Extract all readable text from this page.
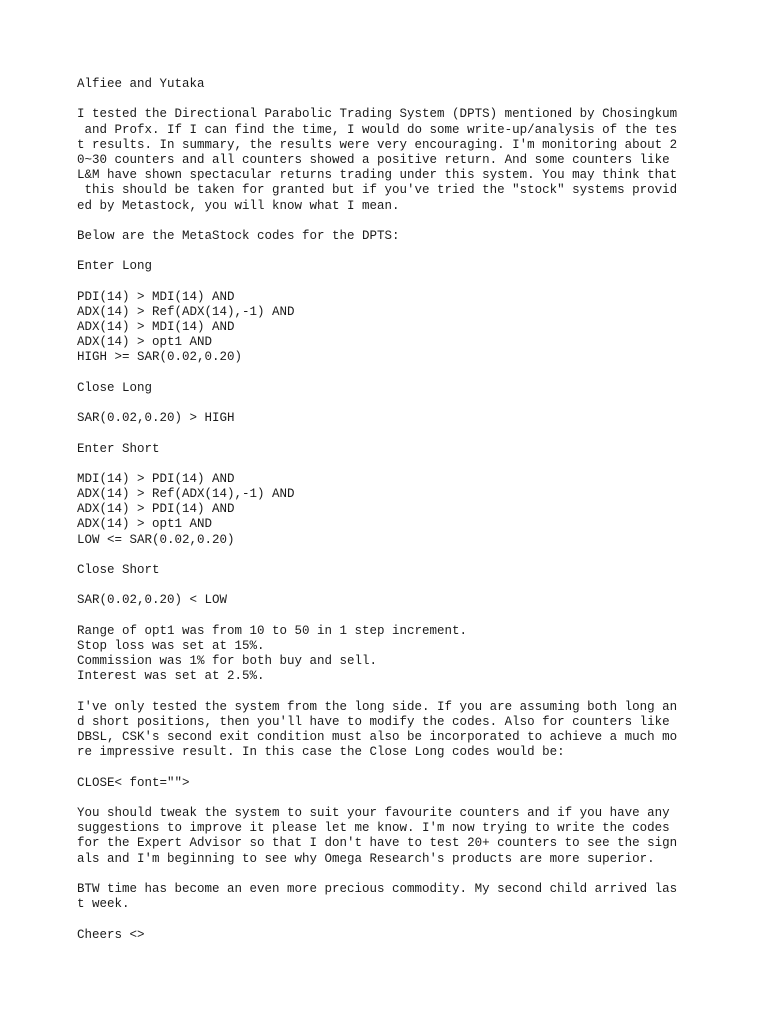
Alfiee and Yutaka
I tested the Directional Parabolic Trading System (DPTS) mentioned by Chosingkum
and Profx. If I can find the time, I would do some write-up/analysis of the tes
t results. In summary, the results were very encouraging. I'm monitoring about 2
0~30 counters and all counters showed a positive return. And some counters like
L&M have shown spectacular returns trading under this system. You may think that
this should be taken for granted but if you've tried the "stock" systems provid
ed by Metastock, you will know what I mean.
Below are the MetaStock codes for the DPTS:
Enter Long
PDI(14) > MDI(14) AND
ADX(14) > Ref(ADX(14),-1) AND
ADX(14) > MDI(14) AND
ADX(14) > opt1 AND
HIGH >= SAR(0.02,0.20)
Close Long
SAR(0.02,0.20) > HIGH
Enter Short
MDI(14) > PDI(14) AND
ADX(14) > Ref(ADX(14),-1) AND
ADX(14) > PDI(14) AND
ADX(14) > opt1 AND
LOW <= SAR(0.02,0.20)
Close Short
SAR(0.02,0.20) < LOW
Range of opt1 was from 10 to 50 in 1 step increment.
Stop loss was set at 15%.
Commission was 1% for both buy and sell.
Interest was set at 2.5%.
I've only tested the system from the long side. If you are assuming both long an
d short positions, then you'll have to modify the codes. Also for counters like
DBSL, CSK's second exit condition must also be incorporated to achieve a much mo
re impressive result. In this case the Close Long codes would be:
CLOSE< font="">
You should tweak the system to suit your favourite counters and if you have any
suggestions to improve it please let me know. I'm now trying to write the codes
for the Expert Advisor so that I don't have to test 20+ counters to see the sign
als and I'm beginning to see why Omega Research's products are more superior.
BTW time has become an even more precious commodity. My second child arrived las
t week.
Cheers <>
